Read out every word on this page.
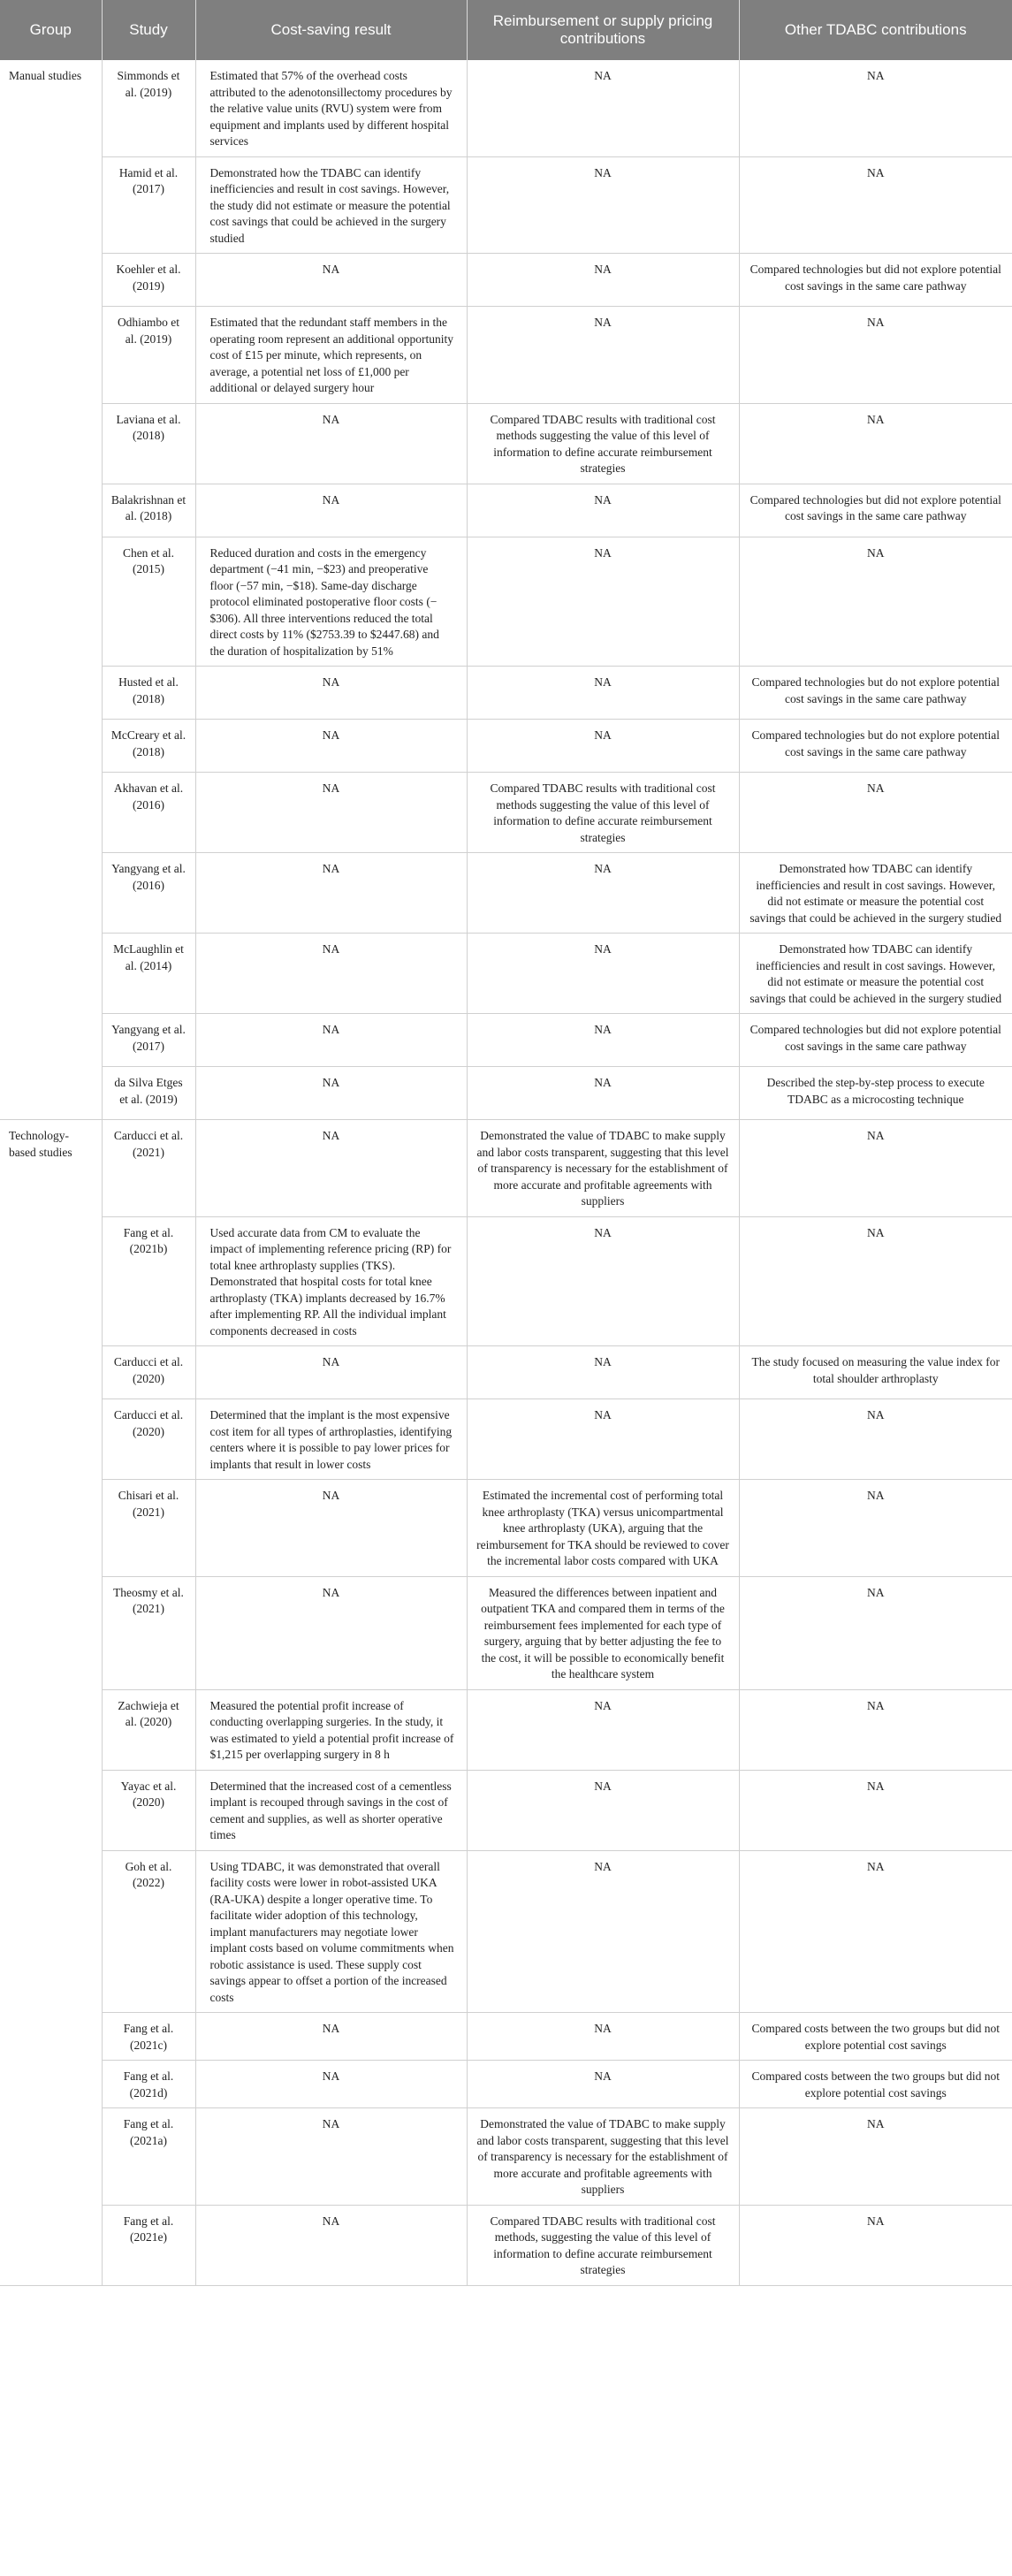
Group	Study	Cost-saving result	Reimbursement or supply pricing contributions	Other TDABC contributions
Manual studies	Simmonds et al. (2019)	Estimated that 57% of the overhead costs attributed to the adenotonsillectomy procedures by the relative value units (RVU) system were from equipment and implants used by different hospital services	NA	NA
	Hamid et al. (2017)	Demonstrated how the TDABC can identify inefficiencies and result in cost savings. However, the study did not estimate or measure the potential cost savings that could be achieved in the surgery studied	NA	NA
	Koehler et al. (2019)	NA	NA	Compared technologies but did not explore potential cost savings in the same care pathway
	Odhiambo et al. (2019)	Estimated that the redundant staff members in the operating room represent an additional opportunity cost of £15 per minute, which represents, on average, a potential net loss of £1,000 per additional or delayed surgery hour	NA	NA
	Laviana et al. (2018)	NA	Compared TDABC results with traditional cost methods suggesting the value of this level of information to define accurate reimbursement strategies	NA
	Balakrishnan et al. (2018)	NA	NA	Compared technologies but did not explore potential cost savings in the same care pathway
	Chen et al. (2015)	Reduced duration and costs in the emergency department (−41 min, −$23) and preoperative floor (−57 min, −$18). Same-day discharge protocol eliminated postoperative floor costs (−$306). All three interventions reduced the total direct costs by 11% ($2753.39 to $2447.68) and the duration of hospitalization by 51%	NA	NA
	Husted et al. (2018)	NA	NA	Compared technologies but do not explore potential cost savings in the same care pathway
	McCreary et al. (2018)	NA	NA	Compared technologies but do not explore potential cost savings in the same care pathway
	Akhavan et al. (2016)	NA	Compared TDABC results with traditional cost methods suggesting the value of this level of information to define accurate reimbursement strategies	NA
	Yangyang et al. (2016)	NA	NA	Demonstrated how TDABC can identify inefficiencies and result in cost savings. However, did not estimate or measure the potential cost savings that could be achieved in the surgery studied
	McLaughlin et al. (2014)	NA	NA	Demonstrated how TDABC can identify inefficiencies and result in cost savings. However, did not estimate or measure the potential cost savings that could be achieved in the surgery studied
	Yangyang et al. (2017)	NA	NA	Compared technologies but did not explore potential cost savings in the same care pathway
	da Silva Etges et al. (2019)	NA	NA	Described the step-by-step process to execute TDABC as a microcosting technique
Technology-based studies	Carducci et al. (2021)	NA	Demonstrated the value of TDABC to make supply and labor costs transparent, suggesting that this level of transparency is necessary for the establishment of more accurate and profitable agreements with suppliers	NA
	Fang et al. (2021b)	Used accurate data from CM to evaluate the impact of implementing reference pricing (RP) for total knee arthroplasty supplies (TKS). Demonstrated that hospital costs for total knee arthroplasty (TKA) implants decreased by 16.7% after implementing RP. All the individual implant components decreased in costs	NA	NA
	Carducci et al. (2020)	NA	NA	The study focused on measuring the value index for total shoulder arthroplasty
	Carducci et al. (2020)	Determined that the implant is the most expensive cost item for all types of arthroplasties, identifying centers where it is possible to pay lower prices for implants that result in lower costs	NA	NA
	Chisari et al. (2021)	NA	Estimated the incremental cost of performing total knee arthroplasty (TKA) versus unicompartmental knee arthroplasty (UKA), arguing that the reimbursement for TKA should be reviewed to cover the incremental labor costs compared with UKA	NA
	Theosmy et al. (2021)	NA	Measured the differences between inpatient and outpatient TKA and compared them in terms of the reimbursement fees implemented for each type of surgery, arguing that by better adjusting the fee to the cost, it will be possible to economically benefit the healthcare system	NA
	Zachwieja et al. (2020)	Measured the potential profit increase of conducting overlapping surgeries. In the study, it was estimated to yield a potential profit increase of $1,215 per overlapping surgery in 8 h	NA	NA
	Yayac et al. (2020)	Determined that the increased cost of a cementless implant is recouped through savings in the cost of cement and supplies, as well as shorter operative times	NA	NA
	Goh et al. (2022)	Using TDABC, it was demonstrated that overall facility costs were lower in robot-assisted UKA (RA-UKA) despite a longer operative time. To facilitate wider adoption of this technology, implant manufacturers may negotiate lower implant costs based on volume commitments when robotic assistance is used. These supply cost savings appear to offset a portion of the increased costs	NA	NA
	Fang et al. (2021c)	NA	NA	Compared costs between the two groups but did not explore potential cost savings
	Fang et al. (2021d)	NA	NA	Compared costs between the two groups but did not explore potential cost savings
	Fang et al. (2021a)	NA	Demonstrated the value of TDABC to make supply and labor costs transparent, suggesting that this level of transparency is necessary for the establishment of more accurate and profitable agreements with suppliers	NA
	Fang et al. (2021e)	NA	Compared TDABC results with traditional cost methods, suggesting the value of this level of information to define accurate reimbursement strategies	NA
